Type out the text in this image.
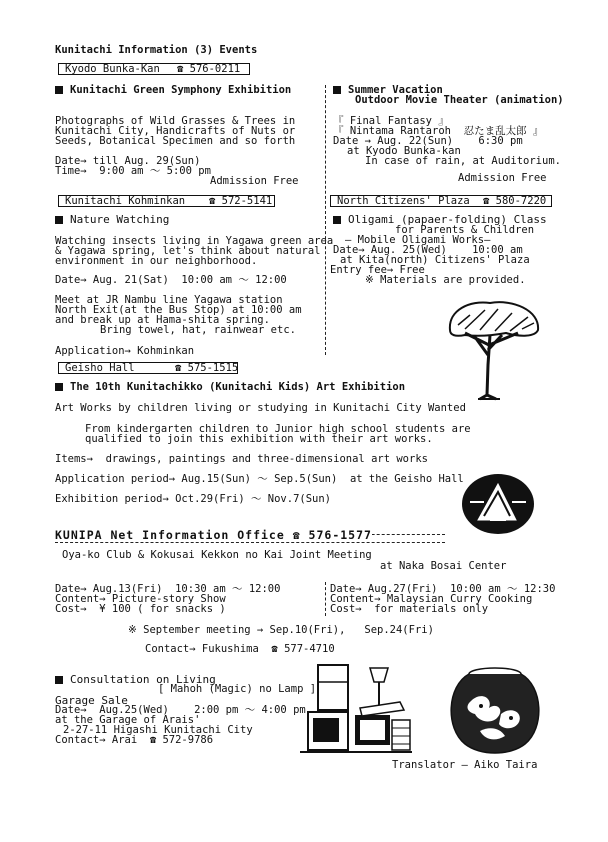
Kunitachi Information (3) Events
Kyodo Bunka-Kan ☎ 576-0211
Kunitachi Green Symphony Exhibition
Photographs of Wild Grasses & Trees in
Kunitachi City, Handicrafts of Nuts or
Seeds, Botanical Specimen and so forth
Date→ till Aug. 29(Sun)
Time→  9:00 am ～ 5:00 pm
Admission Free
Summer Vacation
Outdoor Movie Theater (animation)
『 Final Fantasy 』
『 Nintama Rantaroh  忍たま乱太郎 』
Date → Aug. 22(Sun)    6:30 pm
at Kyodo Bunka-kan
In case of rain, at Auditorium.
Admission Free
Kunitachi Kohminkan ☎ 572-5141
Nature Watching
Watching insects living in Yagawa green area
& Yagawa spring, let's think about natural
environment in our neighborhood.
Date→ Aug. 21(Sat)  10:00 am ～ 12:00
Meet at JR Nambu line Yagawa station
North Exit(at the Bus Stop) at 10:00 am
and break up at Hama-shita spring.
Bring towel, hat, rainwear etc.
Application→ Kohminkan
North Citizens' Plaza ☎ 580-7220
Oligami (papaer-folding) Class
for Parents & Children
— Mobile Oligami Works—
Date→ Aug. 25(Wed)    10:00 am
at Kita(north) Citizens' Plaza
Entry fee→ Free
※ Materials are provided.
Geisho Hall	☎ 575-1515
The 10th Kunitachikko (Kunitachi Kids) Art Exhibition
Art Works by children living or studying in Kunitachi City Wanted
From kindergarten children to Junior high school students are
qualified to join this exhibition with their art works.
Items→  drawings, paintings and three-dimensional art works
Application period→ Aug.15(Sun) ～ Sep.5(Sun)  at the Geisho Hall
Exhibition period→ Oct.29(Fri) ～ Nov.7(Sun)
KUNIPA Net Information Office ☎ 576-1577
Oya-ko Club & Kokusai Kekkon no Kai Joint Meeting
at Naka Bosai Center
Date→ Aug.13(Fri)  10:30 am ～ 12:00
Content→ Picture-story Show
Cost→  ¥ 100 ( for snacks )
Date→ Aug.27(Fri)  10:00 am ～ 12:30
Content→ Malaysian Curry Cooking
Cost→  for materials only
※ September meeting → Sep.10(Fri),   Sep.24(Fri)
Contact→ Fukushima  ☎ 577-4710
Consultation on Living
[ Mahoh (Magic) no Lamp ]
Garage Sale
Date→  Aug.25(Wed)    2:00 pm ～ 4:00 pm
at the Garage of Arais'
2-27-11 Higashi Kunitachi City
Contact→ Arai  ☎ 572-9786
Translator — Aiko Taira
